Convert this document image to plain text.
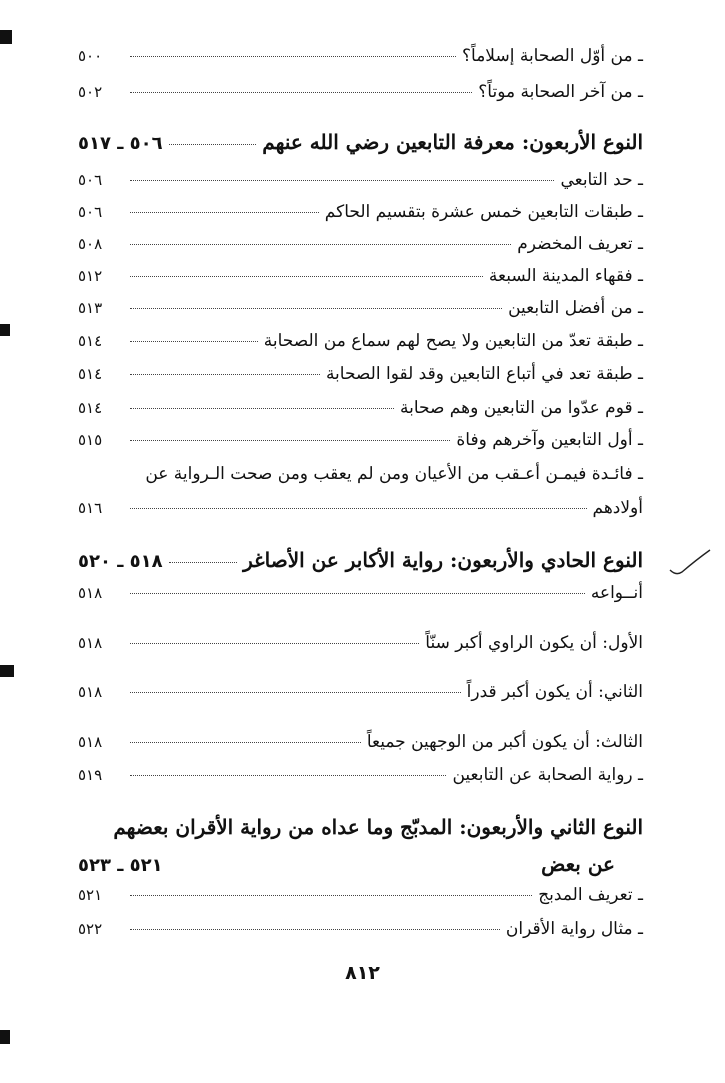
٥٠٠	ـ من أوّل الصحابة إسلاماً؟
٥٠٢	ـ من آخر الصحابة موتاً؟
٥٠٦ ـ ٥١٧	النوع الأربعون: معرفة التابعين رضي الله عنهم
٥٠٦	ـ حد التابعي
٥٠٦	ـ طبقات التابعين خمس عشرة بتقسيم الحاكم
٥٠٨	ـ تعريف المخضرم
٥١٢	ـ فقهاء المدينة السبعة
٥١٣	ـ من أفضل التابعين
٥١٤	ـ طبقة تعدّ من التابعين ولا يصح لهم سماع من الصحابة
٥١٤	ـ طبقة تعد في أتباع التابعين وقد لقوا الصحابة
٥١٤	ـ قوم عدّوا من التابعين وهم صحابة
٥١٥	ـ أول التابعين وآخرهم وفاة
ـ فائـدة فيمـن أعـقب من الأعيان ومن لم يعقب ومن صحت الـرواية عن
٥١٦	أولادهم
٥١٨ ـ ٥٢٠	النوع الحادي والأربعون: رواية الأكابر عن الأصاغر
٥١٨	أنــواعه
٥١٨	الأول: أن يكون الراوي أكبر سنّاً
٥١٨	الثاني: أن يكون أكبر قدراً
٥١٨	الثالث: أن يكون أكبر من الوجهين جميعاً
٥١٩	ـ رواية الصحابة عن التابعين
النوع الثاني والأربعون: المدبّج وما عداه من رواية الأقران بعضهم
٥٢١ ـ ٥٢٣	عن بعض
٥٢١	ـ تعريف المدبج
٥٢٢	ـ مثال رواية الأقران
٨١٢
